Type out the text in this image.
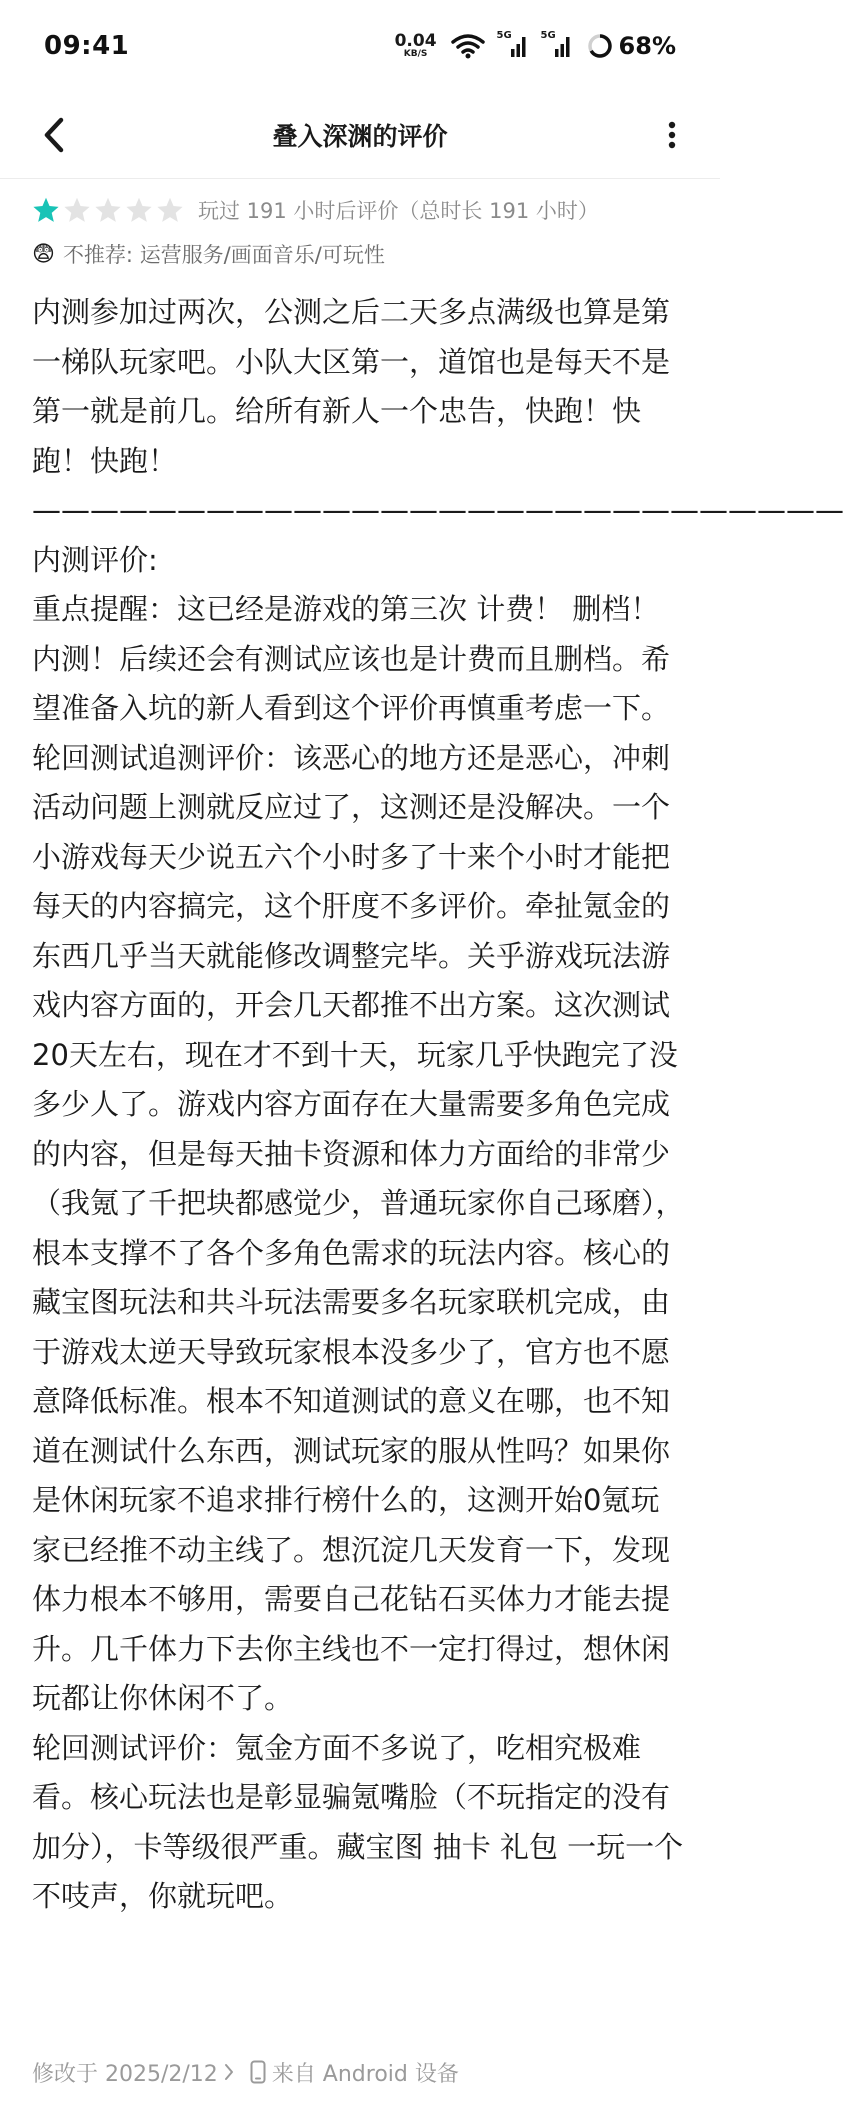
09:41	0.04
KB/S
5G	5G	68%
叠入深渊的评价
玩过 191 小时后评价（总时长 191 小时）
😨 不推荐: 运营服务/画面音乐/可玩性

内测参加过两次，公测之后二天多点满级也算是第一梯队玩家吧。小队大区第一，道馆也是每天不是第一就是前几。给所有新人一个忠告，快跑！快跑！快跑！

————————————————————————————内测评价:

重点提醒：这已经是游戏的第三次 计费！ 删档！内测！后续还会有测试应该也是计费而且删档。希望准备入坑的新人看到这个评价再慎重考虑一下。

轮回测试追测评价：该恶心的地方还是恶心，冲刺活动问题上测就反应过了，这测还是没解决。一个小游戏每天少说五六个小时多了十来个小时才能把每天的内容搞完，这个肝度不多评价。牵扯氪金的东西几乎当天就能修改调整完毕。关乎游戏玩法游戏内容方面的，开会几天都推不出方案。这次测试20天左右，现在才不到十天，玩家几乎快跑完了没多少人了。游戏内容方面存在大量需要多角色完成的内容，但是每天抽卡资源和体力方面给的非常少（我氪了千把块都感觉少，普通玩家你自己琢磨），根本支撑不了各个多角色需求的玩法内容。核心的藏宝图玩法和共斗玩法需要多名玩家联机完成，由于游戏太逆天导致玩家根本没多少了，官方也不愿意降低标准。根本不知道测试的意义在哪，也不知道在测试什么东西，测试玩家的服从性吗？如果你是休闲玩家不追求排行榜什么的，这测开始0氪玩家已经推不动主线了。想沉淀几天发育一下，发现体力根本不够用，需要自己花钻石买体力才能去提升。几千体力下去你主线也不一定打得过，想休闲玩都让你休闲不了。

轮回测试评价：氪金方面不多说了，吃相究极难看。核心玩法也是彰显骗氪嘴脸（不玩指定的没有加分），卡等级很严重。藏宝图 抽卡 礼包 一玩一个不吱声，你就玩吧。

修改于 2025/2/12 来自 Android 设备
